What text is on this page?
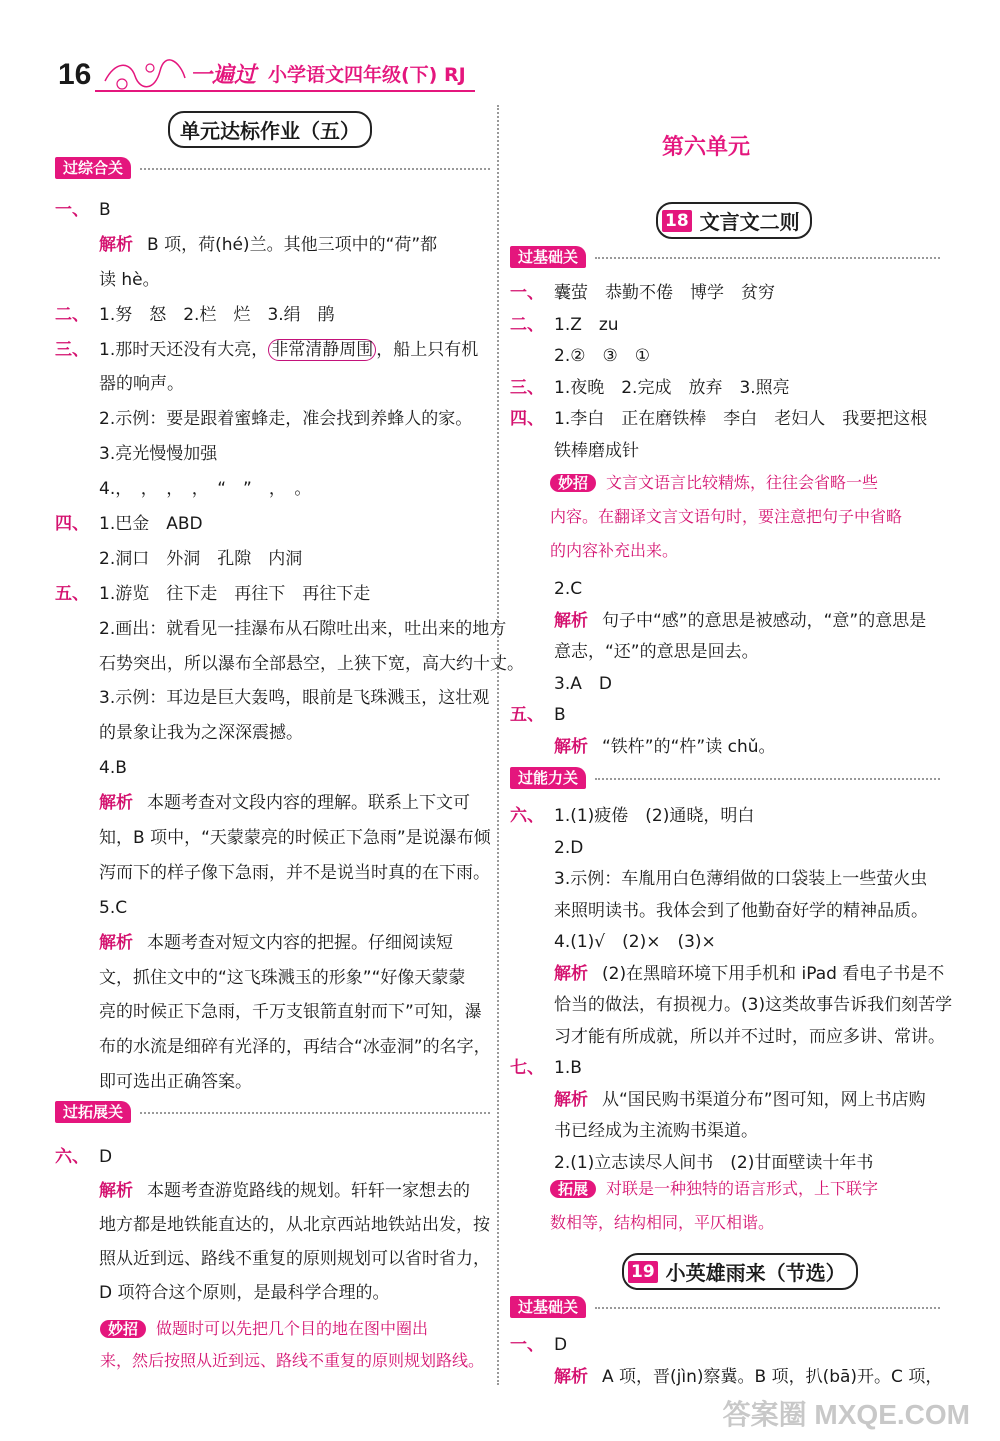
16	一遍过 小学语文四年级(下) RJ
单元达标作业（五）
过综合关
一、 B
解析 B 项，荷(hé)兰。其他三项中的“荷”都
读 hè。
二、 1.努　怒　2.栏　烂　3.绢　鹃
三、 1.那时天还没有大亮， 非常清静周围 ，船上只有机
器的响声。
2.示例：要是跟着蜜蜂走，准会找到养蜂人的家。
3.亮光慢慢加强
4.，　，　，　，　“　”　，　。
四、 1.巴金　ABD
2.洞口　外洞　孔隙　内洞
五、 1.游览　往下走　再往下　再往下走
2.画出：就看见一挂瀑布从石隙吐出来，吐出来的地方
石势突出，所以瀑布全部悬空，上狭下宽，高大约十丈。
3.示例：耳边是巨大轰鸣，眼前是飞珠溅玉，这壮观
的景象让我为之深深震撼。
4.B
解析 本题考查对文段内容的理解。联系上下文可
知，B 项中，“天蒙蒙亮的时候正下急雨”是说瀑布倾
泻而下的样子像下急雨，并不是说当时真的在下雨。
5.C
解析 本题考查对短文内容的把握。仔细阅读短
文，抓住文中的“这飞珠溅玉的形象”“好像天蒙蒙
亮的时候正下急雨，千万支银箭直射而下”可知，瀑
布的水流是细碎有光泽的，再结合“冰壶洞”的名字，
即可选出正确答案。
过拓展关
六、 D
解析 本题考查游览路线的规划。轩轩一家想去的
地方都是地铁能直达的，从北京西站地铁站出发，按
照从近到远、路线不重复的原则规划可以省时省力，
D 项符合这个原则，是最科学合理的。
妙招 做题时可以先把几个目的地在图中圈出
来，然后按照从近到远、路线不重复的原则规划路线。
第六单元
18 文言文二则
过基础关
一、 囊萤　恭勤不倦　博学　贫穷
二、 1.Z　zu
2.②　③　①
三、 1.夜晚　2.完成　放弃　3.照亮
四、 1.李白　正在磨铁棒　李白　老妇人　我要把这根
铁棒磨成针
妙招 文言文语言比较精炼，往往会省略一些
内容。在翻译文言文语句时，要注意把句子中省略
的内容补充出来。
2.C
解析 句子中“感”的意思是被感动，“意”的意思是
意志，“还”的意思是回去。
3.A　D
五、 B
解析 “铁杵”的“杵”读 chǔ。
过能力关
六、 1.(1)疲倦　(2)通晓，明白
2.D
3.示例：车胤用白色薄绢做的口袋装上一些萤火虫
来照明读书。我体会到了他勤奋好学的精神品质。
4.(1)√　(2)×　(3)×
解析 (2)在黑暗环境下用手机和 iPad 看电子书是不
恰当的做法，有损视力。(3)这类故事告诉我们刻苦学
习才能有所成就，所以并不过时，而应多讲、常讲。
七、 1.B
解析 从“国民购书渠道分布”图可知，网上书店购
书已经成为主流购书渠道。
2.(1)立志读尽人间书　(2)甘面壁读十年书
拓展 对联是一种独特的语言形式，上下联字
数相等，结构相同，平仄相谐。
19 小英雄雨来（节选）
过基础关
一、 D
解析 A 项，晋(jìn)察冀。B 项，扒(bā)开。C 项，
答案圈 MXQE.COM
